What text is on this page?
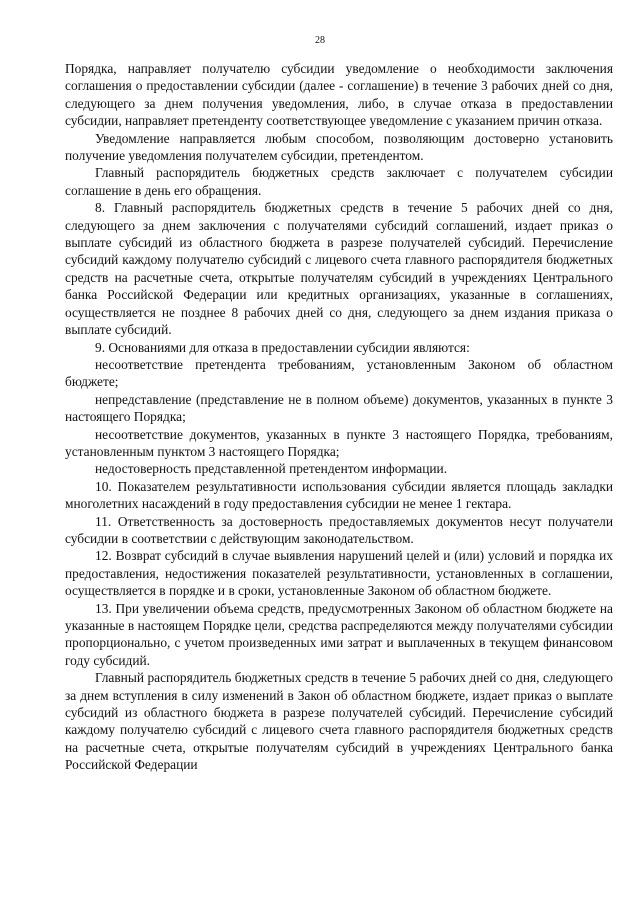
28

Порядка, направляет получателю субсидии уведомление о необходимости заключения соглашения о предоставлении субсидии (далее - соглашение) в течение 3 рабочих дней со дня, следующего за днем получения уведомления, либо, в случае отказа в предоставлении субсидии, направляет претенденту соответствующее уведомление с указанием причин отказа.

Уведомление направляется любым способом, позволяющим достоверно установить получение уведомления получателем субсидии, претендентом.

Главный распорядитель бюджетных средств заключает с получателем субсидии соглашение в день его обращения.

8. Главный распорядитель бюджетных средств в течение 5 рабочих дней со дня, следующего за днем заключения с получателями субсидий соглашений, издает приказ о выплате субсидий из областного бюджета в разрезе получателей субсидий. Перечисление субсидий каждому получателю субсидий с лицевого счета главного распорядителя бюджетных средств на расчетные счета, открытые получателям субсидий в учреждениях Центрального банка Российской Федерации или кредитных организациях, указанные в соглашениях, осуществляется не позднее 8 рабочих дней со дня, следующего за днем издания приказа о выплате субсидий.

9. Основаниями для отказа в предоставлении субсидии являются:

несоответствие претендента требованиям, установленным Законом об областном бюджете;

непредставление (представление не в полном объеме) документов, указанных в пункте 3 настоящего Порядка;

несоответствие документов, указанных в пункте 3 настоящего Порядка, требованиям, установленным пунктом 3 настоящего Порядка;

недостоверность представленной претендентом информации.

10. Показателем результативности использования субсидии является площадь закладки многолетних насаждений в году предоставления субсидии не менее 1 гектара.

11. Ответственность за достоверность предоставляемых документов несут получатели субсидии в соответствии с действующим законодательством.

12. Возврат субсидий в случае выявления нарушений целей и (или) условий и порядка их предоставления, недостижения показателей результативности, установленных в соглашении, осуществляется в порядке и в сроки, установленные Законом об областном бюджете.

13. При увеличении объема средств, предусмотренных Законом об областном бюджете на указанные в настоящем Порядке цели, средства распределяются между получателями субсидии пропорционально, с учетом произведенных ими затрат и выплаченных в текущем финансовом году субсидий.

Главный распорядитель бюджетных средств в течение 5 рабочих дней со дня, следующего за днем вступления в силу изменений в Закон об областном бюджете, издает приказ о выплате субсидий из областного бюджета в разрезе получателей субсидий. Перечисление субсидий каждому получателю субсидий с лицевого счета главного распорядителя бюджетных средств на расчетные счета, открытые получателям субсидий в учреждениях Центрального банка Российской Федерации
